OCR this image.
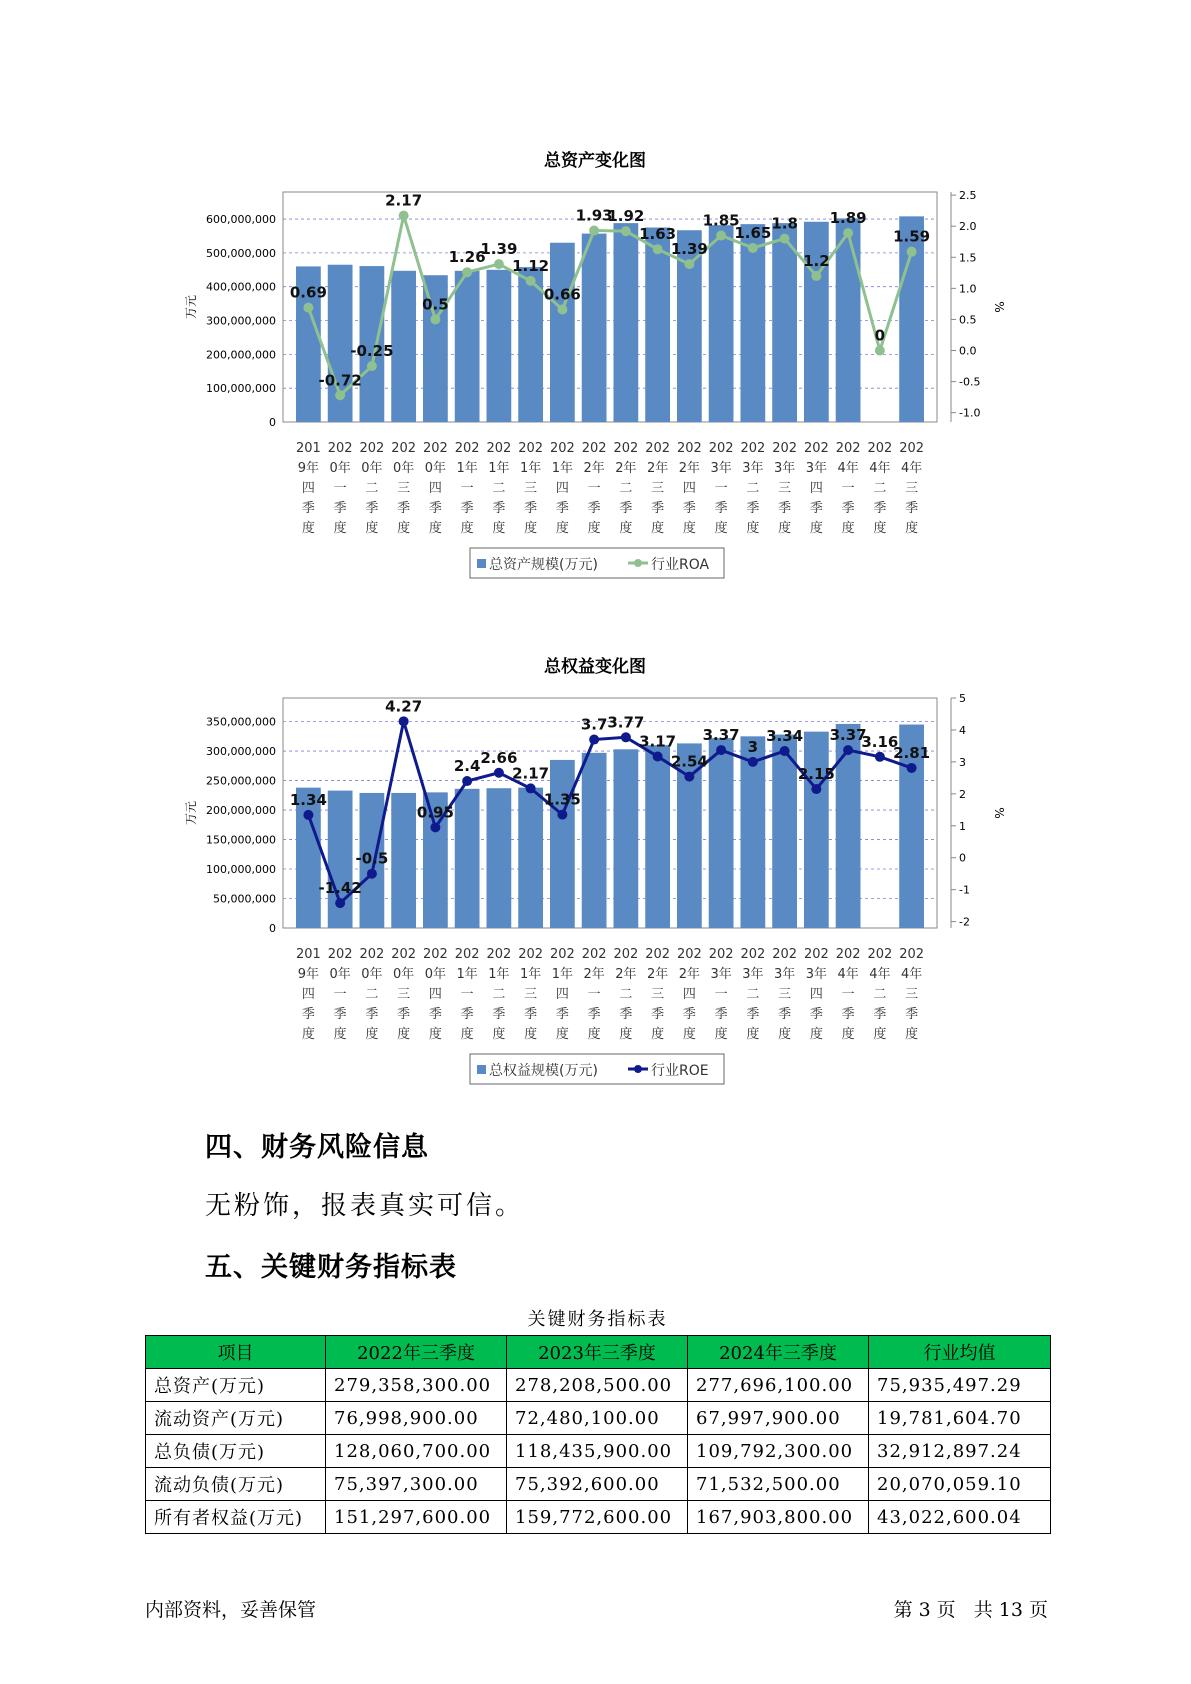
总资产变化图
0
100,000,000
200,000,000
300,000,000
400,000,000
500,000,000
600,000,000
万元
-1.0
-0.5
0.0
0.5
1.0
1.5
2.0
2.5
%
0.69
-0.72
-0.25
2.17
0.5
1.26
1.39
1.12
0.66
1.93
1.92
1.63
1.39
1.85
1.65
1.8
1.2
1.89
0
1.59
201
9年
四
季
度
202
0年
一
季
度
202
0年
二
季
度
202
0年
三
季
度
202
0年
四
季
度
202
1年
一
季
度
202
1年
二
季
度
202
1年
三
季
度
202
1年
四
季
度
202
2年
一
季
度
202
2年
二
季
度
202
2年
三
季
度
202
2年
四
季
度
202
3年
一
季
度
202
3年
二
季
度
202
3年
三
季
度
202
3年
四
季
度
202
4年
一
季
度
202
4年
二
季
度
202
4年
三
季
度
总资产规模(万元)	行业ROA
总权益变化图
0
50,000,000
100,000,000
150,000,000
200,000,000
250,000,000
300,000,000
350,000,000
万元
-2
-1
0
1
2
3
4
5
%
1.34
-1.42
-0.5
4.27
0.95
2.4 2.66
2.17
1.35
3.7 3.77
3.17
2.54
3.37
3
3.34
2.15
3.37
3.16
2.81
201
9年
四
季
度
202
0年
一
季
度
202
0年
二
季
度
202
0年
三
季
度
202
0年
四
季
度
202
1年
一
季
度
202
1年
二
季
度
202
1年
三
季
度
202
1年
四
季
度
202
2年
一
季
度
202
2年
二
季
度
202
2年
三
季
度
202
2年
四
季
度
202
3年
一
季
度
202
3年
二
季
度
202
3年
三
季
度
202
3年
四
季
度
202
4年
一
季
度
202
4年
二
季
度
202
4年
三
季
度
总权益规模(万元)	行业ROE
四、财务风险信息

无粉饰，报表真实可信。

五、关键财务指标表
关键财务指标表
项目	2022年三季度	2023年三季度	2024年三季度	行业均值
总资产(万元)	279,358,300.00	278,208,500.00	277,696,100.00	75,935,497.29
流动资产(万元)	76,998,900.00	72,480,100.00	67,997,900.00	19,781,604.70
总负债(万元)	128,060,700.00	118,435,900.00	109,792,300.00	32,912,897.24
流动负债(万元)	75,397,300.00	75,392,600.00	71,532,500.00	20,070,059.10
所有者权益(万元)	151,297,600.00	159,772,600.00	167,903,800.00	43,022,600.04
内部资料，妥善保管	第 3 页 共 13 页
